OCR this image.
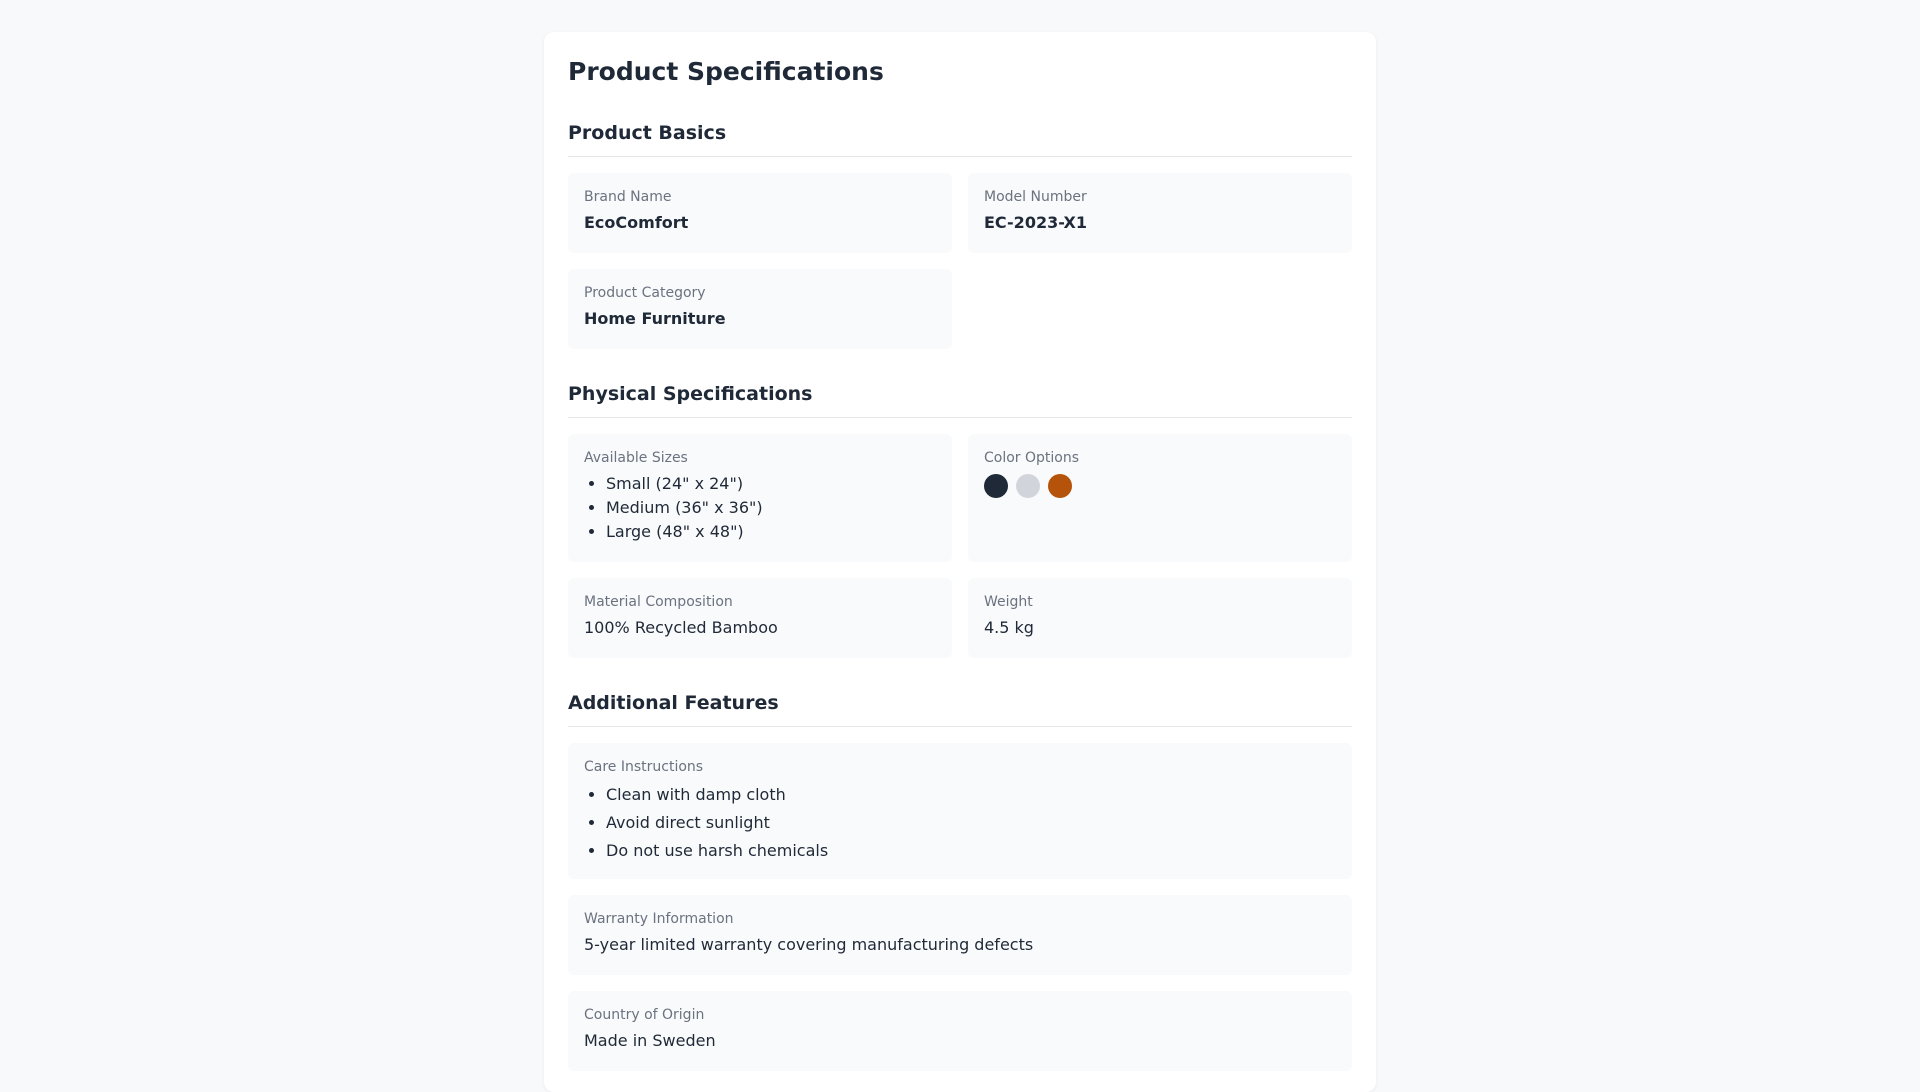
Product Specifications
Product Basics
Brand Name
EcoComfort
Model Number
EC-2023-X1
Product Category
Home Furniture
Physical Specifications
Available Sizes
• Small (24" x 24")
• Medium (36" x 36")
• Large (48" x 48")
Color Options
Material Composition
100% Recycled Bamboo
Weight
4.5 kg
Additional Features
Care Instructions
• Clean with damp cloth
• Avoid direct sunlight
• Do not use harsh chemicals
Warranty Information
5-year limited warranty covering manufacturing defects
Country of Origin
Made in Sweden
